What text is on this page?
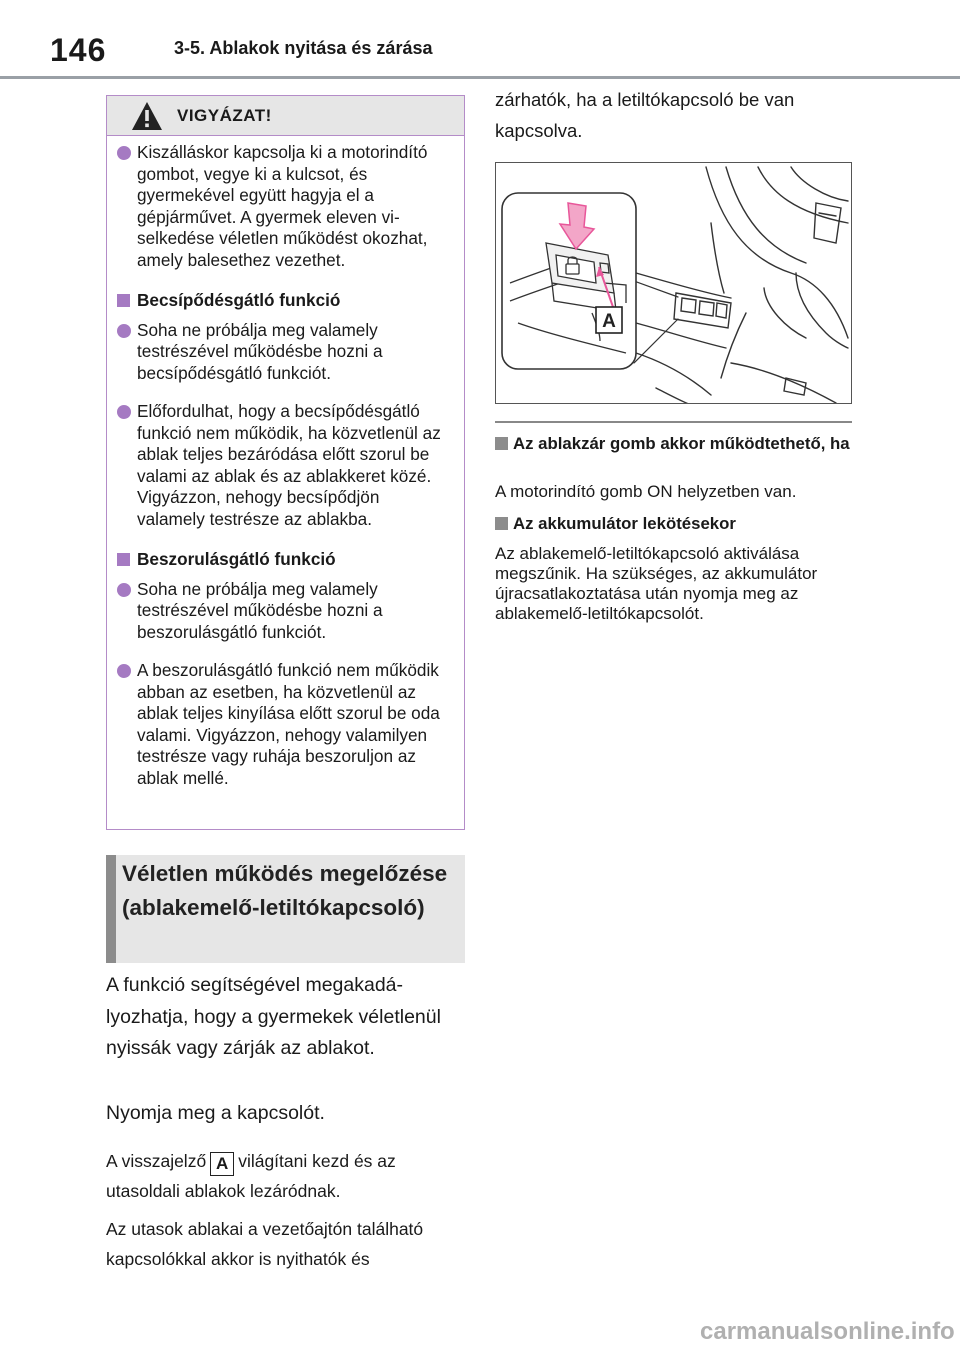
146	3-5. Ablakok nyitása és zárása
VIGYÁZAT!
Kiszálláskor kapcsolja ki a motorindító gombot, vegye ki a kulcsot, és gyermekével együtt hagyja el a gépjárművet. A gyermek eleven viselkedése véletlen működést okozhat, amely balesethez vezethet.
Becsípődésgátló funkció
Soha ne próbálja meg valamely testrészével működésbe hozni a becsípődésgátló funkciót.
Előfordulhat, hogy a becsípődésgátló funkció nem működik, ha közvetlenül az ablak teljes bezáródása előtt szorul be valami az ablak és az ablakkeret közé. Vigyázzon, nehogy becsípődjön valamely testrésze az ablakba.
Beszorulásgátló funkció
Soha ne próbálja meg valamely testrészével működésbe hozni a beszorulásgátló funkciót.
A beszorulásgátló funkció nem működik abban az esetben, ha közvetlenül az ablak teljes kinyílása előtt szorul be oda valami. Vigyázzon, nehogy valamilyen testrésze vagy ruhája beszoruljon az ablak mellé.
Véletlen működés megelőzése (ablakemelő-letiltókapcsoló)
A funkció segítségével megakadályozhatja, hogy a gyermekek véletlenül nyissák vagy zárják az ablakot.
Nyomja meg a kapcsolót.
A visszajelző A világítani kezd és az utasoldali ablakok lezáródnak.
Az utasok ablakai a vezetőajtón található kapcsolókkal akkor is nyithatók és
zárhatók, ha a letiltókapcsoló be van kapcsolva.
A
Az ablakzár gomb akkor működtethető, ha
A motorindító gomb ON helyzetben van.
Az akkumulátor lekötésekor
Az ablakemelő-letiltókapcsoló aktiválása megszűnik. Ha szükséges, az akkumulátor újracsatlakoztatása után nyomja meg az ablakemelő-letiltókapcsolót.
carmanualsonline.info
